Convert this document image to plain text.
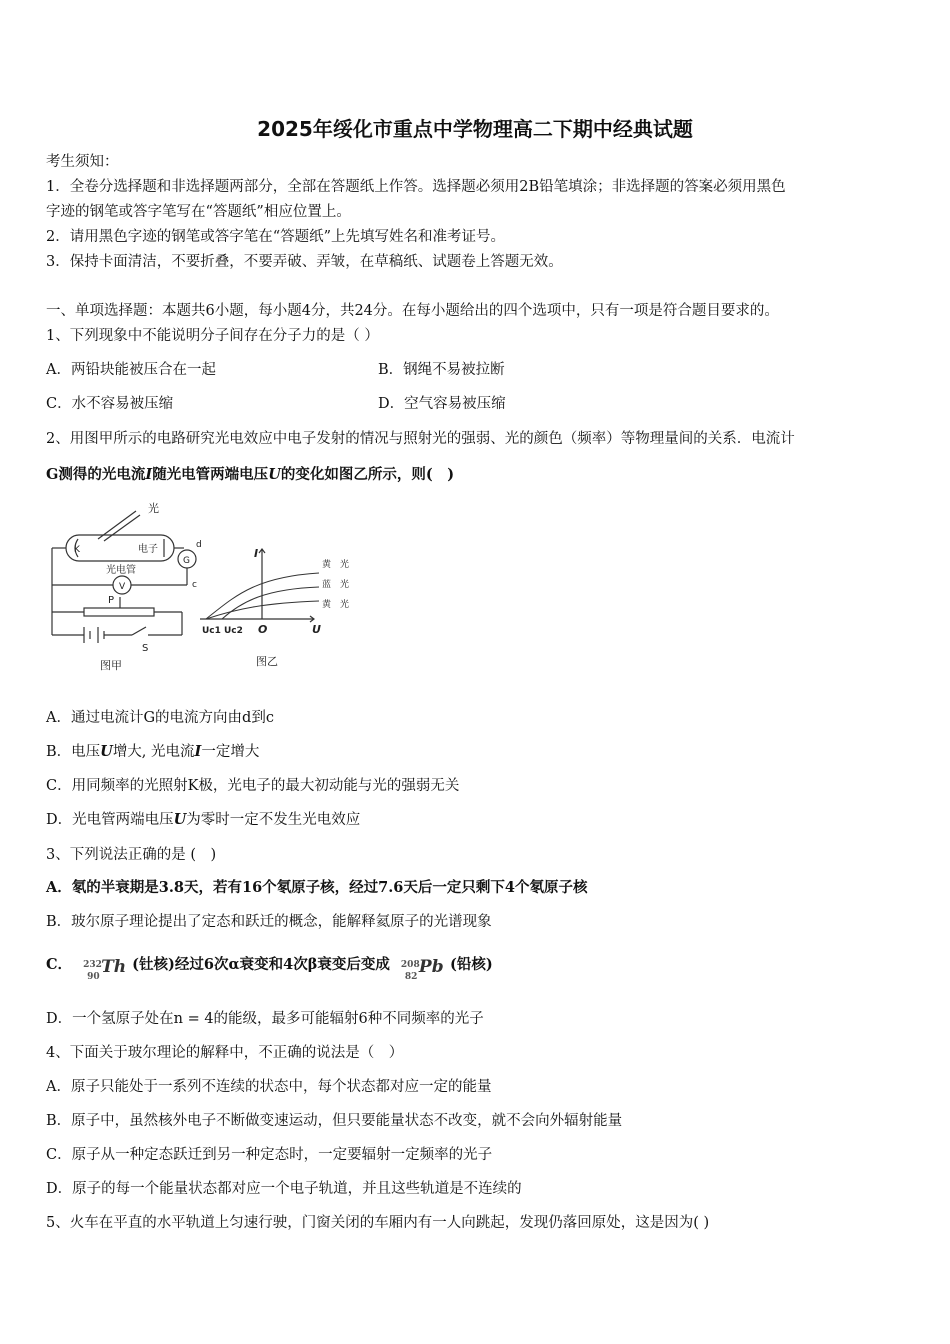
2025年绥化市重点中学物理高二下期中经典试题
考生须知：
1．全卷分选择题和非选择题两部分，全部在答题纸上作答。选择题必须用2B铅笔填涂；非选择题的答案必须用黑色
字迹的钢笔或答字笔写在“答题纸”相应位置上。
2．请用黑色字迹的钢笔或答字笔在“答题纸”上先填写姓名和准考证号。
3．保持卡面清洁，不要折叠，不要弄破、弄皱，在草稿纸、试题卷上答题无效。
一、单项选择题：本题共6小题，每小题4分，共24分。在每小题给出的四个选项中，只有一项是符合题目要求的。
1、下列现象中不能说明分子间存在分子力的是（ ）
A．两铅块能被压合在一起	B．钢绳不易被拉断
C．水不容易被压缩	D．空气容易被压缩
2、用图甲所示的电路研究光电效应中电子发射的情况与照射光的强弱、光的颜色（频率）等物理量间的关系．电流计
G测得的光电流I随光电管两端电压U的变化如图乙所示，则(　)
光
K	电子
光电管
G
d
c
V
P
S
图甲	图乙
I
U
O
Uc1 Uc2
黄　光
蓝　光
黄　光
A．通过电流计G的电流方向由d到c
B．电压U增大, 光电流I一定增大
C．用同频率的光照射K极，光电子的最大初动能与光的强弱无关
D．光电管两端电压U为零时一定不发生光电效应
3、下列说法正确的是 (　)
A．氡的半衰期是3.8天，若有16个氡原子核，经过7.6天后一定只剩下4个氡原子核
B．玻尔原子理论提出了定态和跃迁的概念，能解释氦原子的光谱现象
C． 232
90 Th (钍核)经过6次α衰变和4次β衰变后变成 208
82 Pb (铅核)
D．一个氢原子处在n = 4的能级，最多可能辐射6种不同频率的光子
4、下面关于玻尔理论的解释中，不正确的说法是（　）
A．原子只能处于一系列不连续的状态中，每个状态都对应一定的能量
B．原子中，虽然核外电子不断做变速运动，但只要能量状态不改变，就不会向外辐射能量
C．原子从一种定态跃迁到另一种定态时，一定要辐射一定频率的光子
D．原子的每一个能量状态都对应一个电子轨道，并且这些轨道是不连续的
5、火车在平直的水平轨道上匀速行驶，门窗关闭的车厢内有一人向跳起，发现仍落回原处，这是因为( )
